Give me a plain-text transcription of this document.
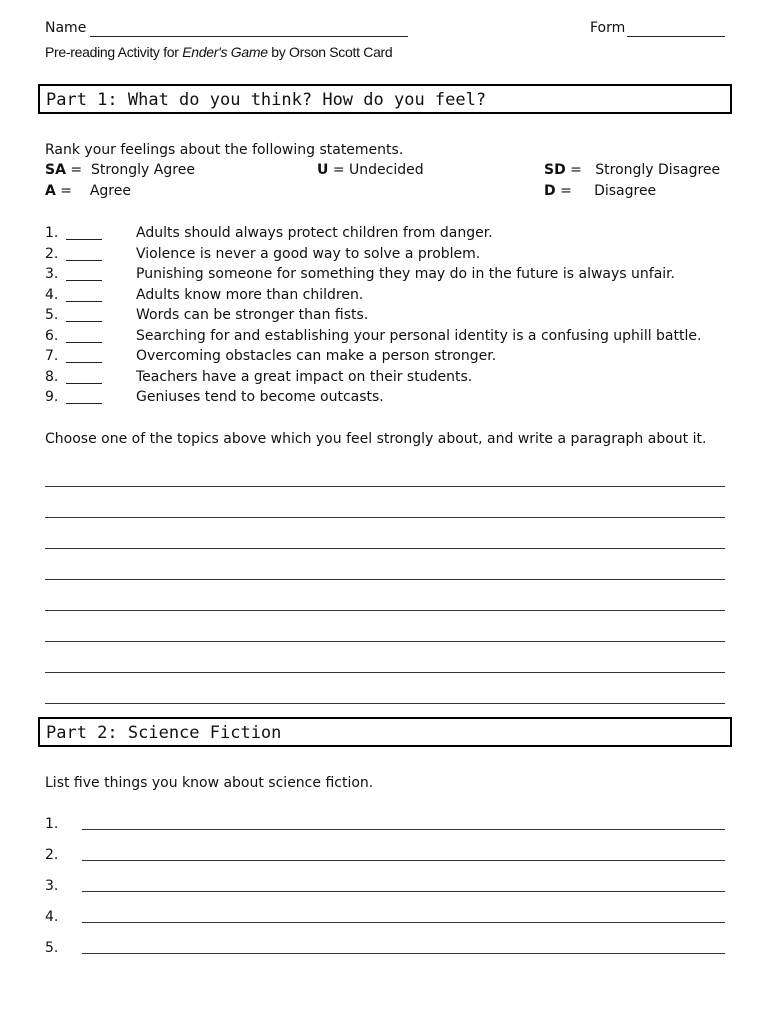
Name	Form
Pre-reading Activity for Ender's Game by Orson Scott Card
Part 1: What do you think? How do you feel?
Rank your feelings about the following statements.
SA =  Strongly Agree	U = Undecided	SD =   Strongly Disagree
A =    Agree	D =     Disagree
1.	Adults should always protect children from danger.
2.	Violence is never a good way to solve a problem.
3.	Punishing someone for something they may do in the future is always unfair.
4.	Adults know more than children.
5.	Words can be stronger than fists.
6.	Searching for and establishing your personal identity is a confusing uphill battle.
7.	Overcoming obstacles can make a person stronger.
8.	Teachers have a great impact on their students.
9.	Geniuses tend to become outcasts.
Choose one of the topics above which you feel strongly about, and write a paragraph about it.
Part 2: Science Fiction
List five things you know about science fiction.
1.
2.
3.
4.
5.
